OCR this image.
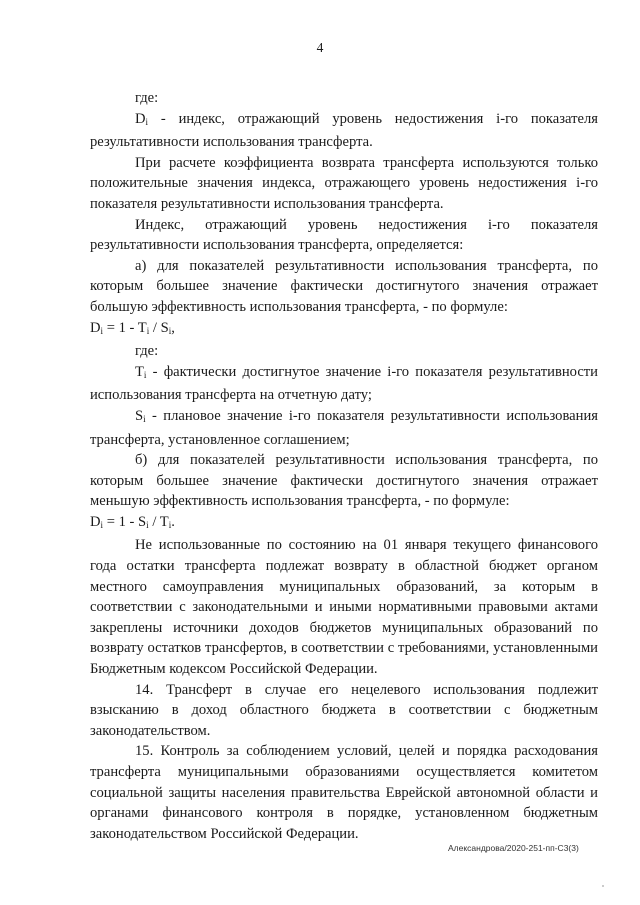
4

где:

$D_i$ - индекс, отражающий уровень недостижения i-го показателя результативности использования трансферта.

При расчете коэффициента возврата трансферта используются только положительные значения индекса, отражающего уровень недостижения i-го показателя результативности использования трансферта.

Индекс, отражающий уровень недостижения i-го показателя результативности использования трансферта, определяется:

а) для показателей результативности использования трансферта, по которым большее значение фактически достигнутого значения отражает большую эффективность использования трансферта, - по формуле:

$D_i = 1 - T_i / S_i$,

где:

$T_i$ - фактически достигнутое значение i-го показателя результативности использования трансферта на отчетную дату;

$S_i$ - плановое значение i-го показателя результативности использования трансферта, установленное соглашением;

б) для показателей результативности использования трансферта, по которым большее значение фактически достигнутого значения отражает меньшую эффективность использования трансферта, - по формуле:

$D_i = 1 - S_i / T_i$.

Не использованные по состоянию на 01 января текущего финансового года остатки трансферта подлежат возврату в областной бюджет органом местного самоуправления муниципальных образований, за которым в соответствии с законодательными и иными нормативными правовыми актами закреплены источники доходов бюджетов муниципальных образований по возврату остатков трансфертов, в соответствии с требованиями, установленными Бюджетным кодексом Российской Федерации.

14. Трансферт в случае его нецелевого использования подлежит взысканию в доход областного бюджета в соответствии с бюджетным законодательством.

15. Контроль за соблюдением условий, целей и порядка расходования трансферта муниципальными образованиями осуществляется комитетом социальной защиты населения правительства Еврейской автономной области и органами финансового контроля в порядке, установленном бюджетным законодательством Российской Федерации.

Александрова/2020-251-пп-С3(3)
